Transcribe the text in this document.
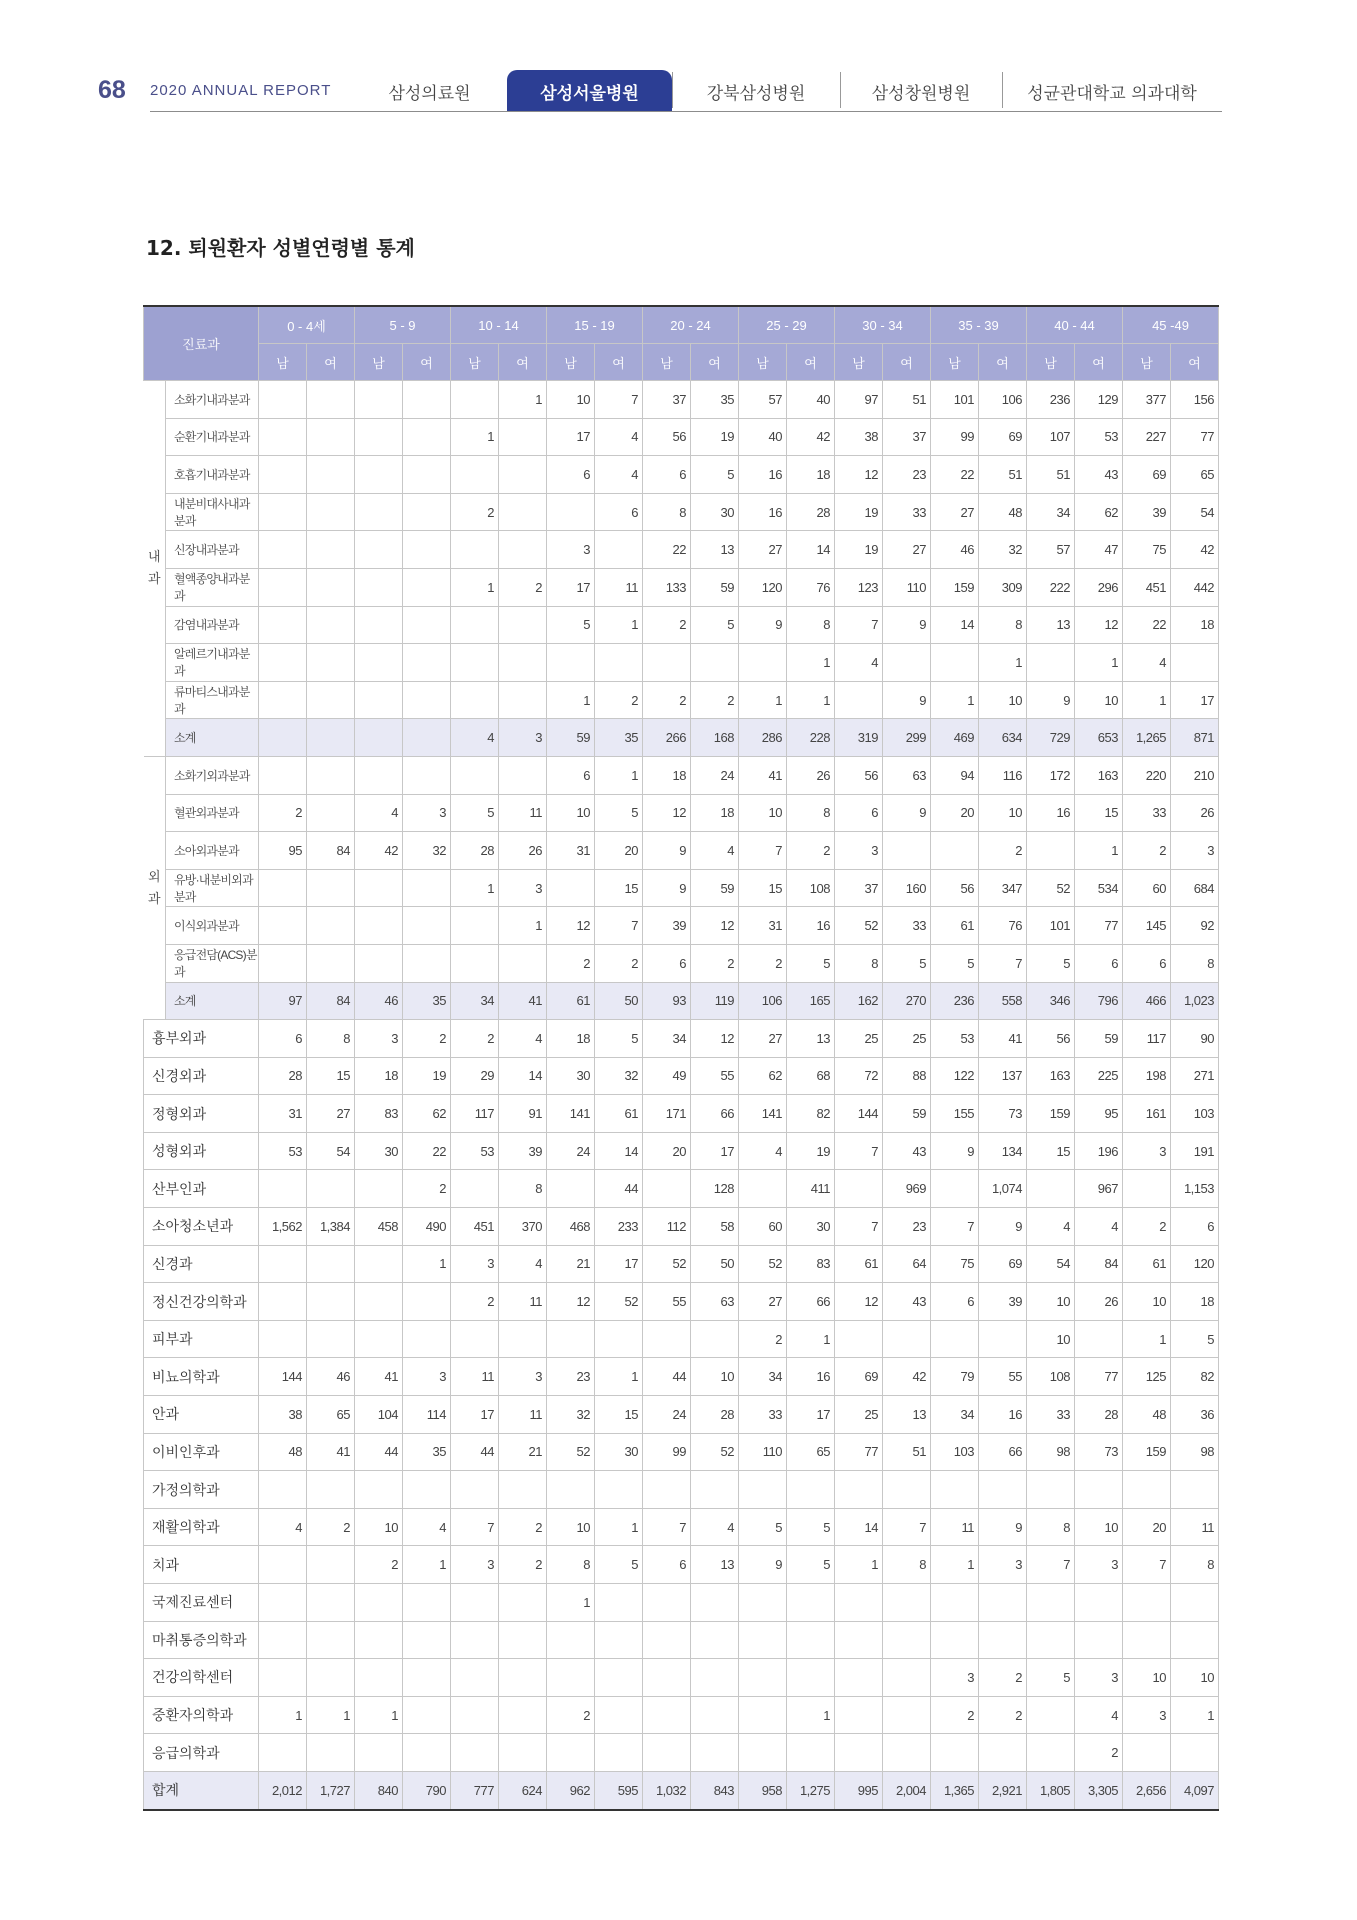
68 2020 ANNUAL REPORT	삼성의료원	삼성서울병원	강북삼성병원	삼성창원병원	성균관대학교 의과대학
12. 퇴원환자 성별연령별 통계
진료과		0 - 4세		5 - 9		10 - 14		15 - 19		20 - 24		25 - 29		30 - 34		35 - 39		40 - 44		45 -49	
		남	여	남	여	남	여	남	여	남	여	남	여	남	여	남	여	남	여	남	여

내
과	소화기내과분과						1	10	7	37	35	57	40	97	51	101	106	236	129	377	156
	순환기내과분과					1		17	4	56	19	40	42	38	37	99	69	107	53	227	77
	호흡기내과분과							6	4	6	5	16	18	12	23	22	51	51	43	69	65
	내분비대사내과분과					2			6	8	30	16	28	19	33	27	48	34	62	39	54
	신장내과분과							3		22	13	27	14	19	27	46	32	57	47	75	42
	혈액종양내과분과					1	2	17	11	133	59	120	76	123	110	159	309	222	296	451	442
	감염내과분과							5	1	2	5	9	8	7	9	14	8	13	12	22	18
	알레르기내과분과												1	4			1		1	4	
	류마티스내과분과							1	2	2	2	1	1		9	1	10	9	10	1	17
	소계					4	3	59	35	266	168	286	228	319	299	469	634	729	653	1,265	871

외
과	소화기외과분과							6	1	18	24	41	26	56	63	94	116	172	163	220	210
	혈관외과분과	2		4	3	5	11	10	5	12	18	10	8	6	9	20	10	16	15	33	26
	소아외과분과	95	84	42	32	28	26	31	20	9	4	7	2	3			2		1	2	3
	유방·내분비외과분과					1	3		15	9	59	15	108	37	160	56	347	52	534	60	684
	이식외과분과						1	12	7	39	12	31	16	52	33	61	76	101	77	145	92
	응급전담(ACS)분과							2	2	6	2	2	5	8	5	5	7	5	6	6	8
	소계	97	84	46	35	34	41	61	50	93	119	106	165	162	270	236	558	346	796	466	1,023
흉부외과		6	8	3	2	2	4	18	5	34	12	27	13	25	25	53	41	56	59	117	90
신경외과		28	15	18	19	29	14	30	32	49	55	62	68	72	88	122	137	163	225	198	271
정형외과		31	27	83	62	117	91	141	61	171	66	141	82	144	59	155	73	159	95	161	103
성형외과		53	54	30	22	53	39	24	14	20	17	4	19	7	43	9	134	15	196	3	191
산부인과					2		8		44		128		411		969		1,074		967		1,153
소아청소년과		1,562	1,384	458	490	451	370	468	233	112	58	60	30	7	23	7	9	4	4	2	6
신경과					1	3	4	21	17	52	50	52	83	61	64	75	69	54	84	61	120
정신건강의학과						2	11	12	52	55	63	27	66	12	43	6	39	10	26	10	18
피부과												2	1					10		1	5
비뇨의학과		144	46	41	3	11	3	23	1	44	10	34	16	69	42	79	55	108	77	125	82
안과		38	65	104	114	17	11	32	15	24	28	33	17	25	13	34	16	33	28	48	36
이비인후과		48	41	44	35	44	21	52	30	99	52	110	65	77	51	103	66	98	73	159	98
가정의학과																					
재활의학과		4	2	10	4	7	2	10	1	7	4	5	5	14	7	11	9	8	10	20	11
치과				2	1	3	2	8	5	6	13	9	5	1	8	1	3	7	3	7	8
국제진료센터								1													
마취통증의학과																					
건강의학센터																3	2	5	3	10	10
중환자의학과		1	1	1				2					1			2	2		4	3	1
응급의학과																			2		
합계		2,012	1,727	840	790	777	624	962	595	1,032	843	958	1,275	995	2,004	1,365	2,921	1,805	3,305	2,656	4,097
